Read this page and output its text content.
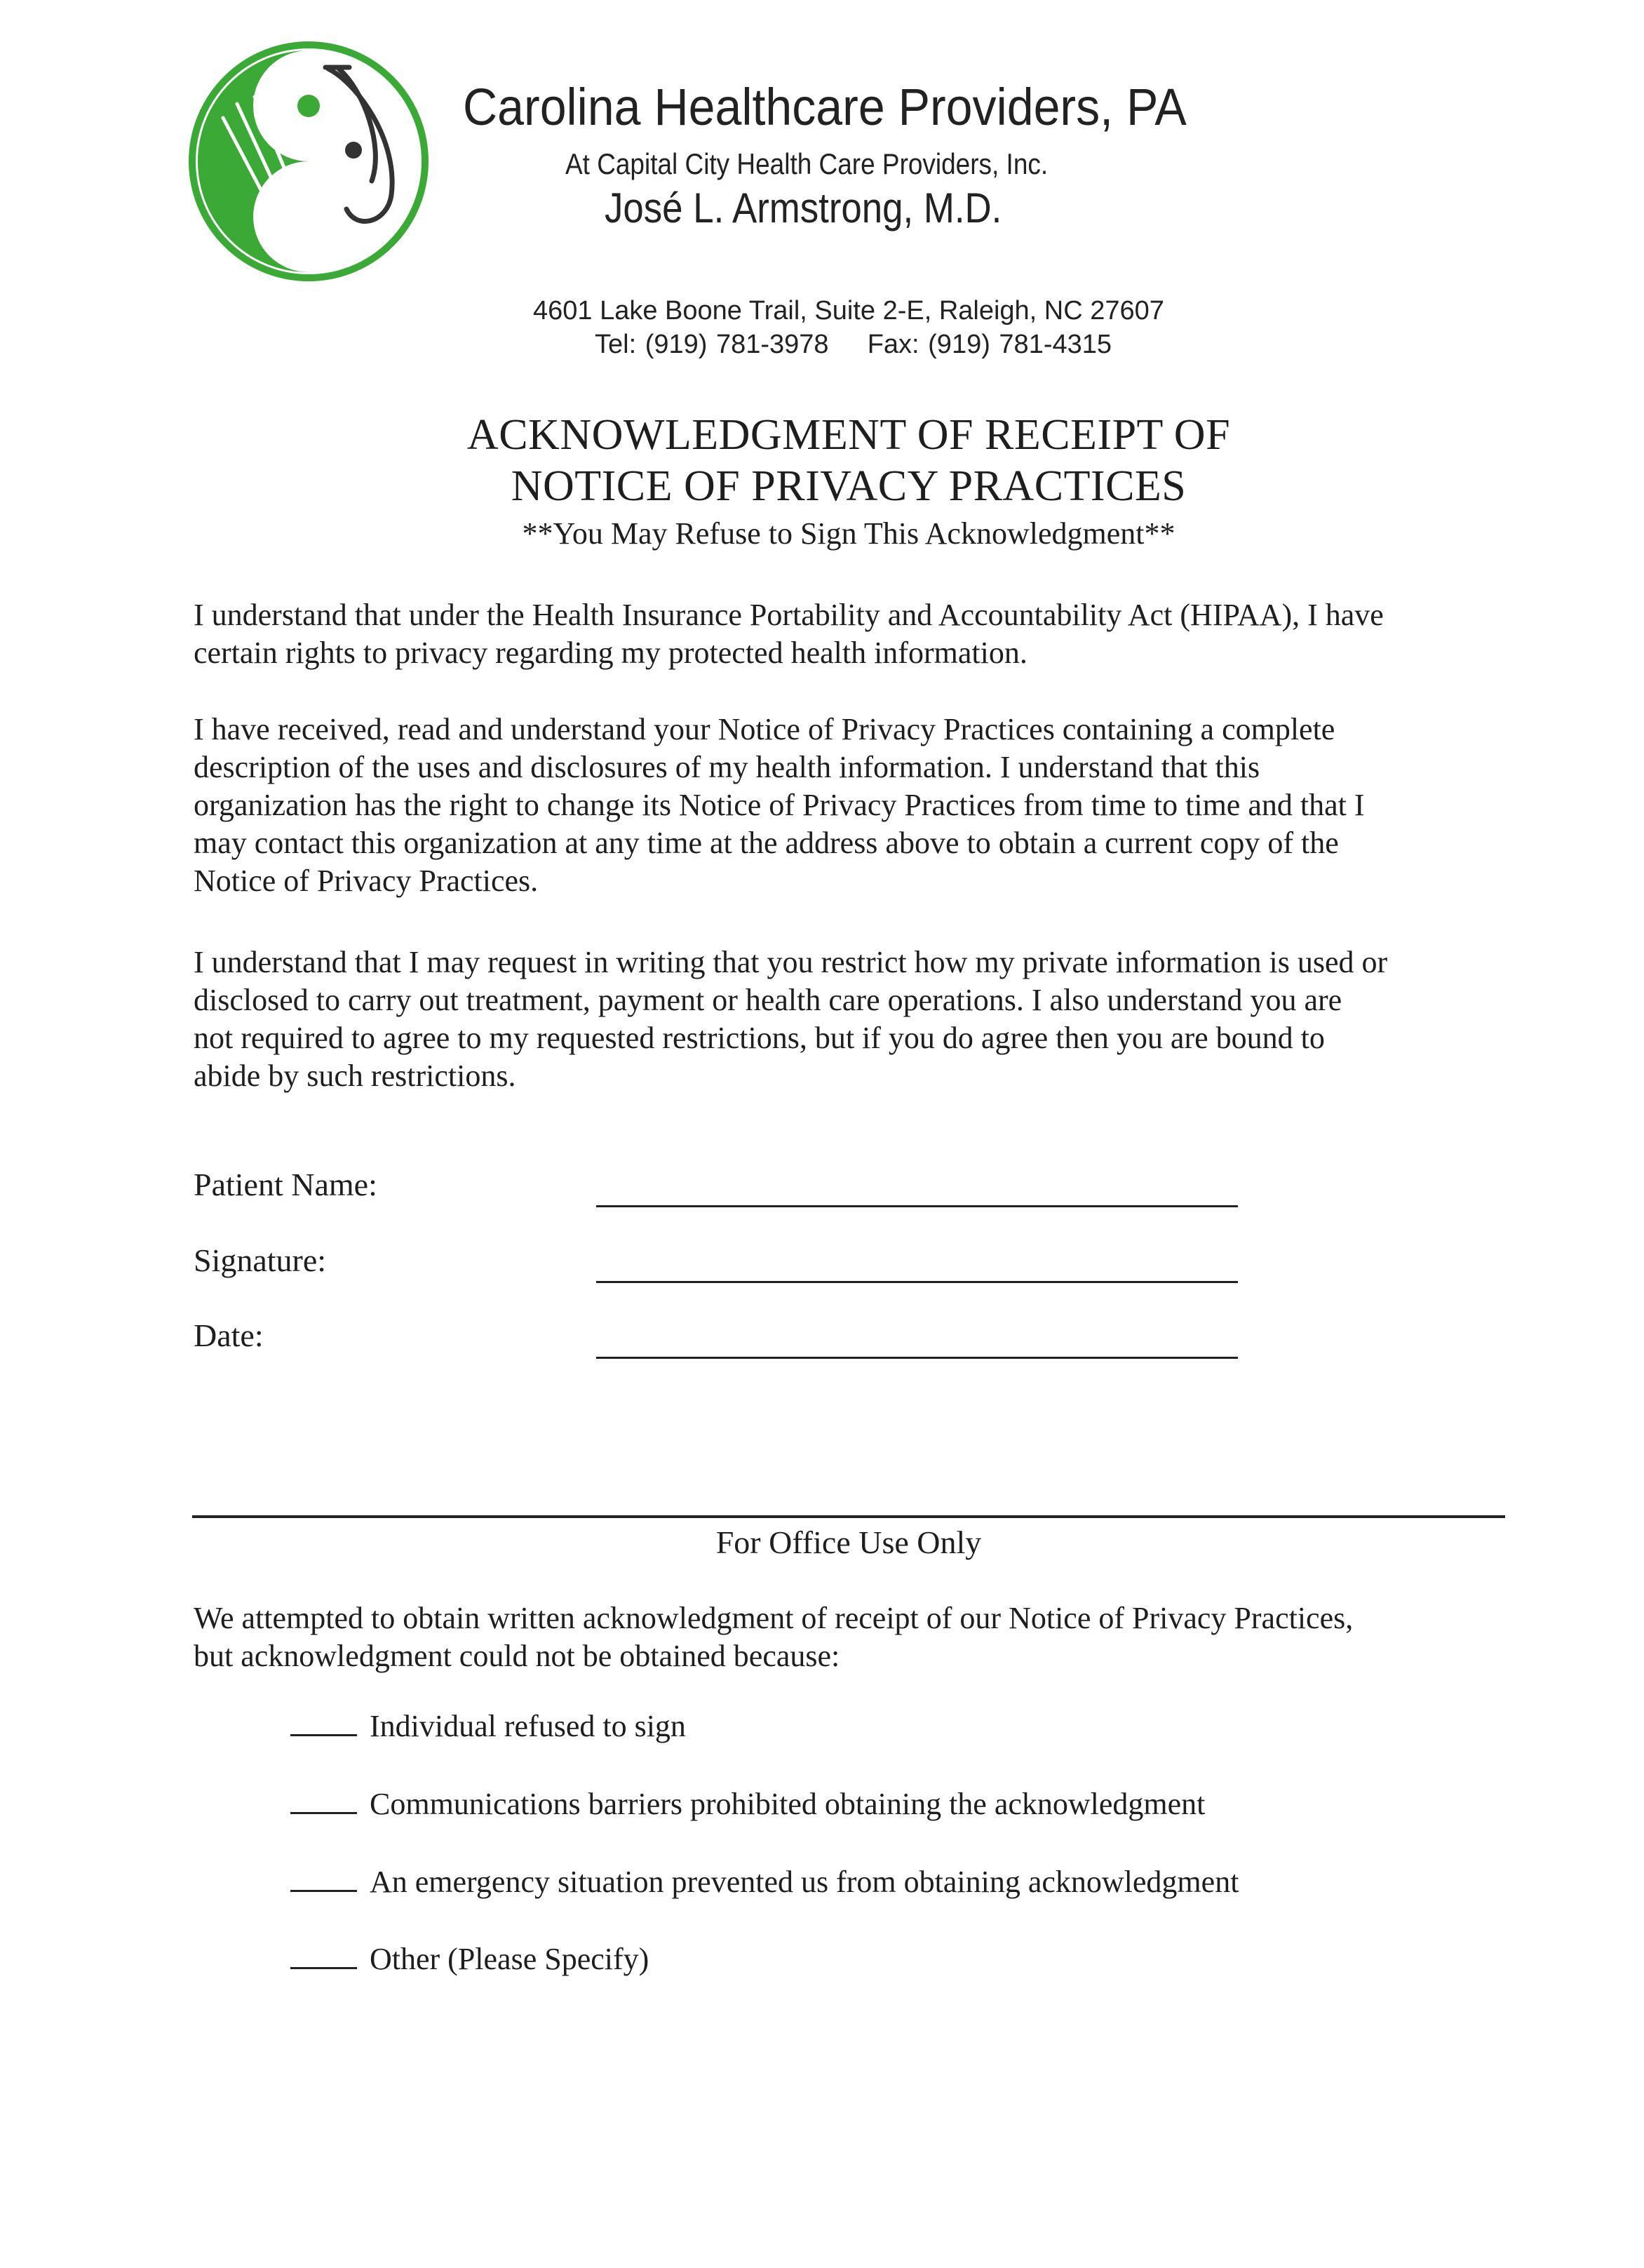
Carolina Healthcare Providers, PA
At Capital City Health Care Providers, Inc.
José L. Armstrong, M.D.
4601 Lake Boone Trail, Suite 2-E, Raleigh, NC 27607
Tel: (919) 781-3978 Fax: (919) 781-4315
ACKNOWLEDGMENT OF RECEIPT OF
NOTICE OF PRIVACY PRACTICES
**You May Refuse to Sign This Acknowledgment**
I understand that under the Health Insurance Portability and Accountability Act (HIPAA), I have
certain rights to privacy regarding my protected health information.
I have received, read and understand your Notice of Privacy Practices containing a complete
description of the uses and disclosures of my health information. I understand that this
organization has the right to change its Notice of Privacy Practices from time to time and that I
may contact this organization at any time at the address above to obtain a current copy of the
Notice of Privacy Practices.
I understand that I may request in writing that you restrict how my private information is used or
disclosed to carry out treatment, payment or health care operations. I also understand you are
not required to agree to my requested restrictions, but if you do agree then you are bound to
abide by such restrictions.
Patient Name:
Signature:
Date:
For Office Use Only
We attempted to obtain written acknowledgment of receipt of our Notice of Privacy Practices,
but acknowledgment could not be obtained because:
Individual refused to sign
Communications barriers prohibited obtaining the acknowledgment
An emergency situation prevented us from obtaining acknowledgment
Other (Please Specify)
